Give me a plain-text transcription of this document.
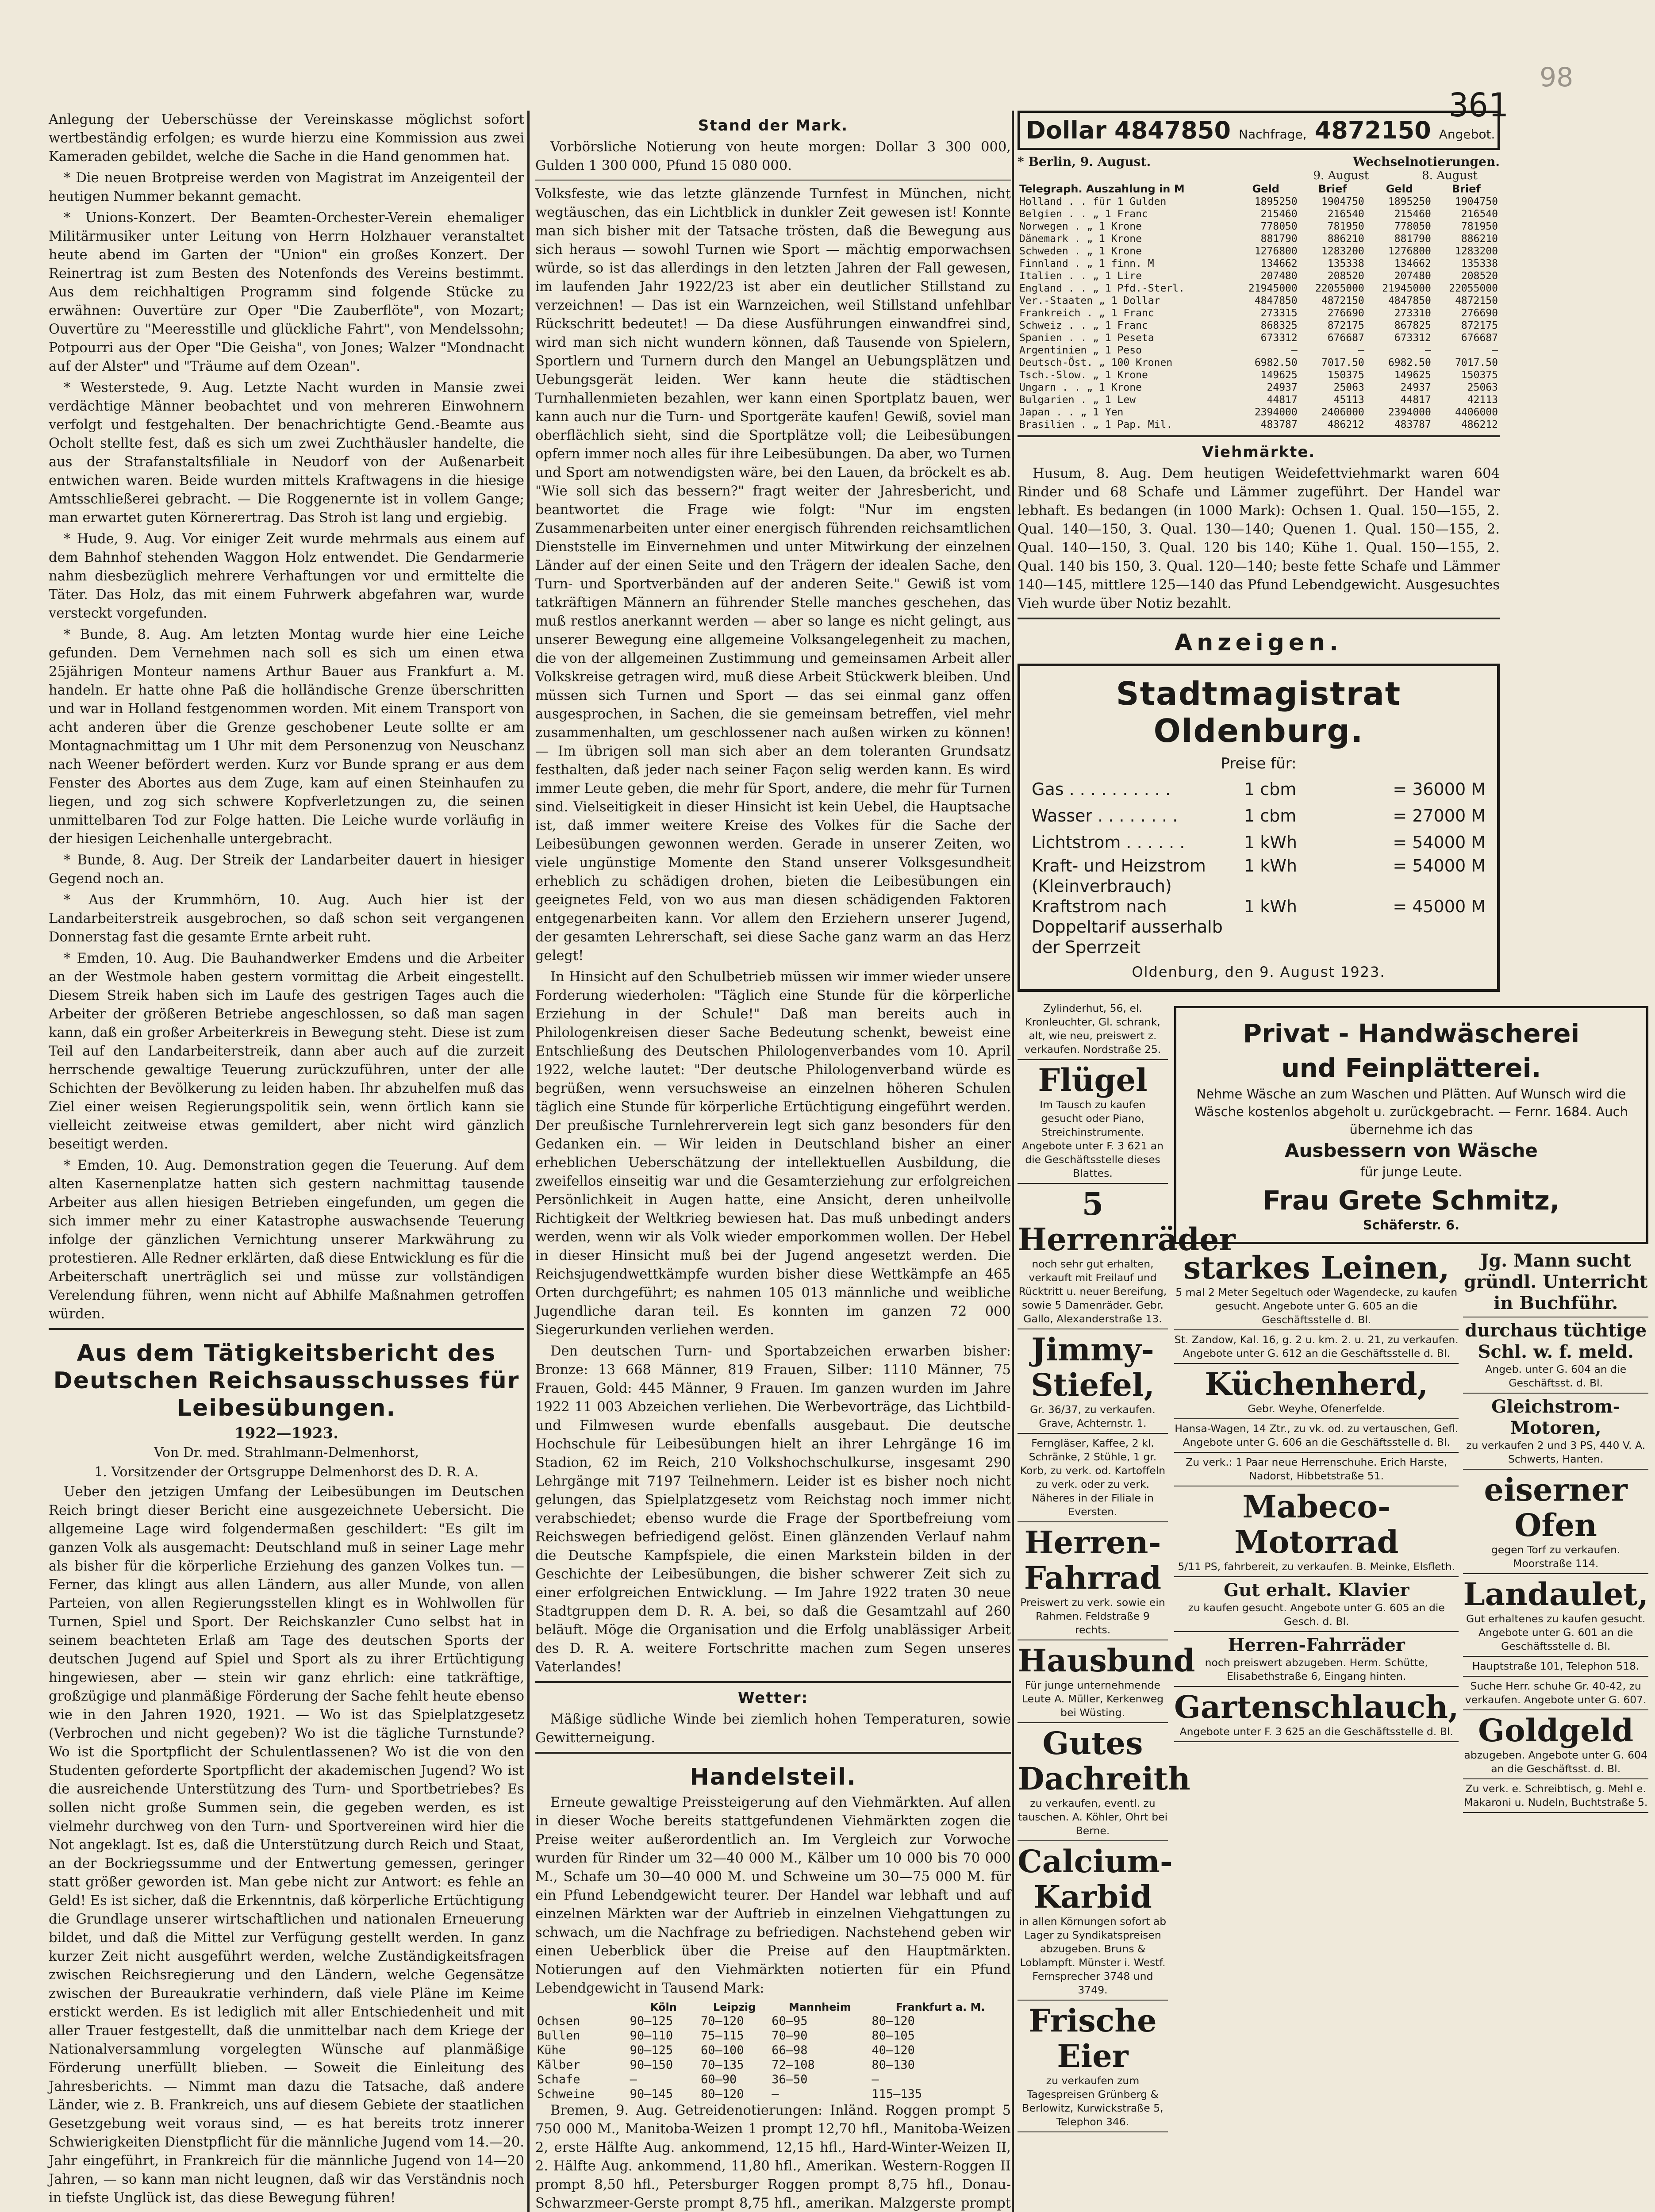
361
98

Anlegung der Ueberschüsse der Vereinskasse möglichst sofort wertbeständig erfolgen; es wurde hierzu eine Kommission aus zwei Kameraden gebildet, welche die Sache in die Hand genommen hat.

* Die neuen Brotpreise werden von Magistrat im Anzeigenteil der heutigen Nummer bekannt gemacht.

* Unions-Konzert. Der Beamten-Orchester-Verein ehemaliger Militärmusiker unter Leitung von Herrn Holzhauer veranstaltet heute abend im Garten der "Union" ein großes Konzert. Der Reinertrag ist zum Besten des Notenfonds des Vereins bestimmt. Aus dem reichhaltigen Programm sind folgende Stücke zu erwähnen: Ouvertüre zur Oper "Die Zauberflöte", von Mozart; Ouvertüre zu "Meeresstille und glückliche Fahrt", von Mendelssohn; Potpourri aus der Oper "Die Geisha", von Jones; Walzer "Mondnacht auf der Alster" und "Träume auf dem Ozean".

* Westerstede, 9. Aug. Letzte Nacht wurden in Mansie zwei verdächtige Männer beobachtet und von mehreren Einwohnern verfolgt und festgehalten. Der benachrichtigte Gend.-Beamte aus Ocholt stellte fest, daß es sich um zwei Zuchthäusler handelte, die aus der Strafanstaltsfiliale in Neudorf von der Außenarbeit entwichen waren. Beide wurden mittels Kraftwagens in die hiesige Amtsschließerei gebracht. — Die Roggenernte ist in vollem Gange; man erwartet guten Körnerertrag. Das Stroh ist lang und ergiebig.

* Hude, 9. Aug. Vor einiger Zeit wurde mehrmals aus einem auf dem Bahnhof stehenden Waggon Holz entwendet. Die Gendarmerie nahm diesbezüglich mehrere Verhaftungen vor und ermittelte die Täter. Das Holz, das mit einem Fuhrwerk abgefahren war, wurde versteckt vorgefunden.

* Bunde, 8. Aug. Am letzten Montag wurde hier eine Leiche gefunden. Dem Vernehmen nach soll es sich um einen etwa 25jährigen Monteur namens Arthur Bauer aus Frankfurt a. M. handeln. Er hatte ohne Paß die holländische Grenze überschritten und war in Holland festgenommen worden. Mit einem Transport von acht anderen über die Grenze geschobener Leute sollte er am Montagnachmittag um 1 Uhr mit dem Personenzug von Neuschanz nach Weener befördert werden. Kurz vor Bunde sprang er aus dem Fenster des Abortes aus dem Zuge, kam auf einen Steinhaufen zu liegen, und zog sich schwere Kopfverletzungen zu, die seinen unmittelbaren Tod zur Folge hatten. Die Leiche wurde vorläufig in der hiesigen Leichenhalle untergebracht.

* Bunde, 8. Aug. Der Streik der Landarbeiter dauert in hiesiger Gegend noch an.

* Aus der Krummhörn, 10. Aug. Auch hier ist der Landarbeiterstreik ausgebrochen, so daß schon seit vergangenen Donnerstag fast die gesamte Ernte arbeit ruht.

* Emden, 10. Aug. Die Bauhandwerker Emdens und die Arbeiter an der Westmole haben gestern vormittag die Arbeit eingestellt. Diesem Streik haben sich im Laufe des gestrigen Tages auch die Arbeiter der größeren Betriebe angeschlossen, so daß man sagen kann, daß ein großer Arbeiterkreis in Bewegung steht. Diese ist zum Teil auf den Landarbeiterstreik, dann aber auch auf die zurzeit herrschende gewaltige Teuerung zurückzuführen, unter der alle Schichten der Bevölkerung zu leiden haben. Ihr abzuhelfen muß das Ziel einer weisen Regierungspolitik sein, wenn örtlich kann sie vielleicht zeitweise etwas gemildert, aber nicht wird gänzlich beseitigt werden.

* Emden, 10. Aug. Demonstration gegen die Teuerung. Auf dem alten Kasernenplatze hatten sich gestern nachmittag tausende Arbeiter aus allen hiesigen Betrieben eingefunden, um gegen die sich immer mehr zu einer Katastrophe auswachsende Teuerung infolge der gänzlichen Vernichtung unserer Markwährung zu protestieren. Alle Redner erklärten, daß diese Entwicklung es für die Arbeiterschaft unerträglich sei und müsse zur vollständigen Verelendung führen, wenn nicht auf Abhilfe Maßnahmen getroffen würden.

Aus dem Tätigkeitsbericht des Deutschen Reichsausschusses für Leibesübungen.
1922—1923.
Von Dr. med. Strahlmann-Delmenhorst,
1. Vorsitzender der Ortsgruppe Delmenhorst des D. R. A.

Ueber den jetzigen Umfang der Leibesübungen im Deutschen Reich bringt dieser Bericht eine ausgezeichnete Uebersicht. Die allgemeine Lage wird folgendermaßen geschildert: "Es gilt im ganzen Volk als ausgemacht: Deutschland muß in seiner Lage mehr als bisher für die körperliche Erziehung des ganzen Volkes tun. — Ferner, das klingt aus allen Ländern, aus aller Munde, von allen Parteien, von allen Regierungsstellen klingt es in Wohlwollen für Turnen, Spiel und Sport. Der Reichskanzler Cuno selbst hat in seinem beachteten Erlaß am Tage des deutschen Sports der deutschen Jugend auf Spiel und Sport als zu ihrer Ertüchtigung hingewiesen, aber — stein wir ganz ehrlich: eine tatkräftige, großzügige und planmäßige Förderung der Sache fehlt heute ebenso wie in den Jahren 1920, 1921. — Wo ist das Spielplatzgesetz (Verbrochen und nicht gegeben)? Wo ist die tägliche Turnstunde? Wo ist die Sportpflicht der Schulentlassenen? Wo ist die von den Studenten geforderte Sportpflicht der akademischen Jugend? Wo ist die ausreichende Unterstützung des Turn- und Sportbetriebes? Es sollen nicht große Summen sein, die gegeben werden, es ist vielmehr durchweg von den Turn- und Sportvereinen wird hier die Not angeklagt. Ist es, daß die Unterstützung durch Reich und Staat, an der Bockriegssumme und der Entwertung gemessen, geringer statt größer geworden ist. Man gebe nicht zur Antwort: es fehle an Geld! Es ist sicher, daß die Erkenntnis, daß körperliche Ertüchtigung die Grundlage unserer wirtschaftlichen und nationalen Erneuerung bildet, und daß die Mittel zur Verfügung gestellt werden. In ganz kurzer Zeit nicht ausgeführt werden, welche Zuständigkeitsfragen zwischen Reichsregierung und den Ländern, welche Gegensätze zwischen der Bureaukratie verhindern, daß viele Pläne im Keime erstickt werden. Es ist lediglich mit aller Entschiedenheit und mit aller Trauer festgestellt, daß die unmittelbar nach dem Kriege der Nationalversammlung vorgelegten Wünsche auf planmäßige Förderung unerfüllt blieben. — Soweit die Einleitung des Jahresberichts. — Nimmt man dazu die Tatsache, daß andere Länder, wie z. B. Frankreich, uns auf diesem Gebiete der staatlichen Gesetzgebung weit voraus sind, — es hat bereits trotz innerer Schwierigkeiten Dienstpflicht für die männliche Jugend vom 14.—20. Jahr eingeführt, in Frankreich für die männliche Jugend von 14—20 Jahren, — so kann man nicht leugnen, daß wir das Verständnis noch in tiefste Unglück ist, das diese Bewegung führen!

Stand der Mark.

Vorbörsliche Notierung von heute morgen: Dollar 3 300 000, Gulden 1 300 000, Pfund 15 080 000.

Volksfeste, wie das letzte glänzende Turnfest in München, nicht wegtäuschen, das ein Lichtblick in dunkler Zeit gewesen ist! Konnte man sich bisher mit der Tatsache trösten, daß die Bewegung aus sich heraus — sowohl Turnen wie Sport — mächtig emporwachsen würde, so ist das allerdings in den letzten Jahren der Fall gewesen, im laufenden Jahr 1922/23 ist aber ein deutlicher Stillstand zu verzeichnen! — Das ist ein Warnzeichen, weil Stillstand unfehlbar Rückschritt bedeutet! — Da diese Ausführungen einwandfrei sind, wird man sich nicht wundern können, daß Tausende von Spielern, Sportlern und Turnern durch den Mangel an Uebungsplätzen und Uebungsgerät leiden. Wer kann heute die städtischen Turnhallenmieten bezahlen, wer kann einen Sportplatz bauen, wer kann auch nur die Turn- und Sportgeräte kaufen! Gewiß, soviel man oberflächlich sieht, sind die Sportplätze voll; die Leibesübungen opfern immer noch alles für ihre Leibesübungen. Da aber, wo Turnen und Sport am notwendigsten wäre, bei den Lauen, da bröckelt es ab. "Wie soll sich das bessern?" fragt weiter der Jahresbericht, und beantwortet die Frage wie folgt: "Nur im engsten Zusammenarbeiten unter einer energisch führenden reichsamtlichen Dienststelle im Einvernehmen und unter Mitwirkung der einzelnen Länder auf der einen Seite und den Trägern der idealen Sache, den Turn- und Sportverbänden auf der anderen Seite." Gewiß ist vom tatkräftigen Männern an führender Stelle manches geschehen, das muß restlos anerkannt werden — aber so lange es nicht gelingt, aus unserer Bewegung eine allgemeine Volksangelegenheit zu machen, die von der allgemeinen Zustimmung und gemeinsamen Arbeit aller Volkskreise getragen wird, muß diese Arbeit Stückwerk bleiben. Und müssen sich Turnen und Sport — das sei einmal ganz offen ausgesprochen, in Sachen, die sie gemeinsam betreffen, viel mehr zusammenhalten, um geschlossener nach außen wirken zu können! — Im übrigen soll man sich aber an dem toleranten Grundsatz festhalten, daß jeder nach seiner Façon selig werden kann. Es wird immer Leute geben, die mehr für Sport, andere, die mehr für Turnen sind. Vielseitigkeit in dieser Hinsicht ist kein Uebel, die Hauptsache ist, daß immer weitere Kreise des Volkes für die Sache der Leibesübungen gewonnen werden. Gerade in unserer Zeiten, wo viele ungünstige Momente den Stand unserer Volksgesundheit erheblich zu schädigen drohen, bieten die Leibesübungen ein geeignetes Feld, von wo aus man diesen schädigenden Faktoren entgegenarbeiten kann. Vor allem den Erziehern unserer Jugend, der gesamten Lehrerschaft, sei diese Sache ganz warm an das Herz gelegt!

In Hinsicht auf den Schulbetrieb müssen wir immer wieder unsere Forderung wiederholen: "Täglich eine Stunde für die körperliche Erziehung in der Schule!" Daß man bereits auch in Philologenkreisen dieser Sache Bedeutung schenkt, beweist eine Entschließung des Deutschen Philologenverbandes vom 10. April 1922, welche lautet: "Der deutsche Philologenverband würde es begrüßen, wenn versuchsweise an einzelnen höheren Schulen täglich eine Stunde für körperliche Ertüchtigung eingeführt werden. Der preußische Turnlehrerverein legt sich ganz besonders für den Gedanken ein. — Wir leiden in Deutschland bisher an einer erheblichen Ueberschätzung der intellektuellen Ausbildung, die zweifellos einseitig war und die Gesamterziehung zur erfolgreichen Persönlichkeit in Augen hatte, eine Ansicht, deren unheilvolle Richtigkeit der Weltkrieg bewiesen hat. Das muß unbedingt anders werden, wenn wir als Volk wieder emporkommen wollen. Der Hebel in dieser Hinsicht muß bei der Jugend angesetzt werden. Die Reichsjugendwettkämpfe wurden bisher diese Wettkämpfe an 465 Orten durchgeführt; es nahmen 105 013 männliche und weibliche Jugendliche daran teil. Es konnten im ganzen 72 000 Siegerurkunden verliehen werden.

Den deutschen Turn- und Sportabzeichen erwarben bisher: Bronze: 13 668 Männer, 819 Frauen, Silber: 1110 Männer, 75 Frauen, Gold: 445 Männer, 9 Frauen. Im ganzen wurden im Jahre 1922 11 003 Abzeichen verliehen. Die Werbevorträge, das Lichtbild- und Filmwesen wurde ebenfalls ausgebaut. Die deutsche Hochschule für Leibesübungen hielt an ihrer Lehrgänge 16 im Stadion, 62 im Reich, 210 Volkshochschulkurse, insgesamt 290 Lehrgänge mit 7197 Teilnehmern. Leider ist es bisher noch nicht gelungen, das Spielplatzgesetz vom Reichstag noch immer nicht verabschiedet; ebenso wurde die Frage der Sportbefreiung vom Reichswegen befriedigend gelöst. Einen glänzenden Verlauf nahm die Deutsche Kampfspiele, die einen Markstein bilden in der Geschichte der Leibesübungen, die bisher schwerer Zeit sich zu einer erfolgreichen Entwicklung. — Im Jahre 1922 traten 30 neue Stadtgruppen dem D. R. A. bei, so daß die Gesamtzahl auf 260 beläuft. Möge die Organisation und die Erfolg unablässiger Arbeit des D. R. A. weitere Fortschritte machen zum Segen unseres Vaterlandes!

Wetter:

Mäßige südliche Winde bei ziemlich hohen Temperaturen, sowie Gewitterneigung.

Handelsteil.

Erneute gewaltige Preissteigerung auf den Viehmärkten. Auf allen in dieser Woche bereits stattgefundenen Viehmärkten zogen die Preise weiter außerordentlich an. Im Vergleich zur Vorwoche wurden für Rinder um 32—40 000 M., Kälber um 10 000 bis 70 000 M., Schafe um 30—40 000 M. und Schweine um 30—75 000 M. für ein Pfund Lebendgewicht teurer. Der Handel war lebhaft und auf einzelnen Märkten war der Auftrieb in einzelnen Viehgattungen zu schwach, um die Nachfrage zu befriedigen. Nachstehend geben wir einen Ueberblick über die Preise auf den Hauptmärkten. Notierungen auf den Viehmärkten notierten für ein Pfund Lebendgewicht in Tausend Mark:

	Köln	Leipzig	Mannheim	Frankfurt a. M.
Ochsen	90—125	70—120	60—95	80—120
Bullen	90—110	75—115	70—90	80—105
Kühe	90—125	60—100	66—98	40—120
Kälber	90—150	70—135	72—108	80—130
Schafe	—	60—90	36—50	—
Schweine	90—145	80—120	—	115—135

Bremen, 9. Aug. Getreidenotierungen: Inländ. Roggen prompt 5 750 000 M., Manitoba-Weizen 1 prompt 12,70 hfl., Manitoba-Weizen 2, erste Hälfte Aug. ankommend, 12,15 hfl., Hard-Winter-Weizen II, 2. Hälfte Aug. ankommend, 11,80 hfl., Amerikan. Western-Roggen II prompt 8,50 hfl., Petersburger Roggen prompt 8,75 hfl., Donau-Schwarzmeer-Gerste prompt 8,75 hfl., amerikan. Malzgerste prompt

Dollar 4847850 Nachfrage, 4872150 Angebot.
* Berlin, 9. August.	Wechselnotierungen.
9. August	8. August
Telegraph. Auszahlung in M	Geld	Brief	Geld	Brief
Holland . . für 1 Gulden	1895250	1904750	1895250	1904750
Belgien . . „ 1 Franc	215460	216540	215460	216540
Norwegen . „ 1 Krone	778050	781950	778050	781950
Dänemark . „ 1 Krone	881790	886210	881790	886210
Schweden . „ 1 Krone	1276800	1283200	1276800	1283200
Finnland . „ 1 finn. M	134662	135338	134662	135338
Italien . . „ 1 Lire	207480	208520	207480	208520
England . . „ 1 Pfd.-Sterl.	21945000	22055000	21945000	22055000
Ver.-Staaten „ 1 Dollar	4847850	4872150	4847850	4872150
Frankreich . „ 1 Franc	273315	276690	273310	276690
Schweiz . . „ 1 Franc	868325	872175	867825	872175
Spanien . . „ 1 Peseta	673312	676687	673312	676687
Argentinien „ 1 Peso	—	—	—	—
Deutsch-Öst. „ 100 Kronen	6982.50	7017.50	6982.50	7017.50
Tsch.-Slow. „ 1 Krone	149625	150375	149625	150375
Ungarn . . „ 1 Krone	24937	25063	24937	25063
Bulgarien . „ 1 Lew	44817	45113	44817	42113
Japan . . „ 1 Yen	2394000	2406000	2394000	4406000
Brasilien . „ 1 Pap. Mil.	483787	486212	483787	486212
Viehmärkte.

Husum, 8. Aug. Dem heutigen Weidefettviehmarkt waren 604 Rinder und 68 Schafe und Lämmer zugeführt. Der Handel war lebhaft. Es bedangen (in 1000 Mark): Ochsen 1. Qual. 150—155, 2. Qual. 140—150, 3. Qual. 130—140; Quenen 1. Qual. 150—155, 2. Qual. 140—150, 3. Qual. 120 bis 140; Kühe 1. Qual. 150—155, 2. Qual. 140 bis 150, 3. Qual. 120—140; beste fette Schafe und Lämmer 140—145, mittlere 125—140 das Pfund Lebendgewicht. Ausgesuchtes Vieh wurde über Notiz bezahlt.

Anzeigen.
Stadtmagistrat Oldenburg.
Preise für:
Gas . . . . . . . . . .	1 cbm	= 36000 M
Wasser . . . . . . . .	1 cbm	= 27000 M
Lichtstrom . . . . . .	1 kWh	= 54000 M
Kraft- und Heizstrom (Kleinverbrauch)
1 kWh	= 54000 M
Kraftstrom nach Doppeltarif ausserhalb der Sperrzeit
1 kWh	= 45000 M
Oldenburg, den 9. August 1923.
Zylinderhut, 56, el. Kronleuchter, Gl. schrank, alt, wie neu, preiswert z. verkaufen. Nordstraße 25.
Flügel
Im Tausch zu kaufen gesucht oder Piano, Streichinstrumente. Angebote unter F. 3 621 an die Geschäftsstelle dieses Blattes.
5 Herrenräder
noch sehr gut erhalten, verkauft mit Freilauf und Rücktritt u. neuer Bereifung, sowie 5 Damenräder. Gebr. Gallo, Alexanderstraße 13.
Jimmy-Stiefel,
Gr. 36/37, zu verkaufen. Grave, Achternstr. 1.
Ferngläser, Kaffee, 2 kl. Schränke, 2 Stühle, 1 gr. Korb, zu verk. od. Kartoffeln zu verk. oder zu verk. Näheres in der Filiale in Eversten.
Herren-Fahrrad
Preiswert zu verk. sowie ein Rahmen. Feldstraße 9 rechts.
Hausbund
Für junge unternehmende Leute A. Müller, Kerkenweg bei Wüsting.
Gutes Dachreith
zu verkaufen, eventl. zu tauschen. A. Köhler, Ohrt bei Berne.
Calcium-Karbid
in allen Körnungen sofort ab Lager zu Syndikatspreisen abzugeben. Bruns & Loblampft. Münster i. Westf. Fernsprecher 3748 und 3749.
Frische Eier
zu verkaufen zum Tagespreisen Grünberg & Berlowitz, Kurwickstraße 5, Telephon 346.
Privat - Handwäscherei
und Feinplätterei.
Nehme Wäsche an zum Waschen und Plätten. Auf Wunsch wird die Wäsche kostenlos abgeholt u. zurückgebracht. — Fernr. 1684. Auch übernehme ich das
Ausbessern von Wäsche
für junge Leute.
Frau Grete Schmitz,
Schäferstr. 6.
starkes Leinen,
5 mal 2 Meter Segeltuch oder Wagendecke, zu kaufen gesucht. Angebote unter G. 605 an die Geschäftsstelle d. Bl.
St. Zandow, Kal. 16, g. 2 u. km. 2. u. 21, zu verkaufen. Angebote unter G. 612 an die Geschäftsstelle d. Bl.
Küchenherd,
Gebr. Weyhe, Ofenerfelde.
Hansa-Wagen, 14 Ztr., zu vk. od. zu vertauschen, Gefl. Angebote unter G. 606 an die Geschäftsstelle d. Bl.
Zu verk.: 1 Paar neue Herrenschuhe. Erich Harste, Nadorst, Hibbetstraße 51.
Mabeco-Motorrad
5/11 PS, fahrbereit, zu verkaufen. B. Meinke, Elsfleth.
Gut erhalt. Klavier
zu kaufen gesucht. Angebote unter G. 605 an die Gesch. d. Bl.
Herren-Fahrräder
noch preiswert abzugeben. Herm. Schütte, Elisabethstraße 6, Eingang hinten.
Gartenschlauch,
Angebote unter F. 3 625 an die Geschäftsstelle d. Bl.
Jg. Mann sucht gründl. Unterricht in Buchführ.
durchaus tüchtige Schl. w. f. meld.
Angeb. unter G. 604 an die Geschäftsst. d. Bl.
Gleichstrom-Motoren,
zu verkaufen 2 und 3 PS, 440 V. A. Schwerts, Hanten.
eiserner Ofen
gegen Torf zu verkaufen. Moorstraße 114.
Landaulet,
Gut erhaltenes zu kaufen gesucht. Angebote unter G. 601 an die Geschäftsstelle d. Bl.
Hauptstraße 101, Telephon 518.
Suche Herr. schuhe Gr. 40-42, zu verkaufen. Angebote unter G. 607.
Goldgeld
abzugeben. Angebote unter G. 604 an die Geschäftsst. d. Bl.
Zu verk. e. Schreibtisch, g. Mehl e. Makaroni u. Nudeln, Buchtstraße 5.
